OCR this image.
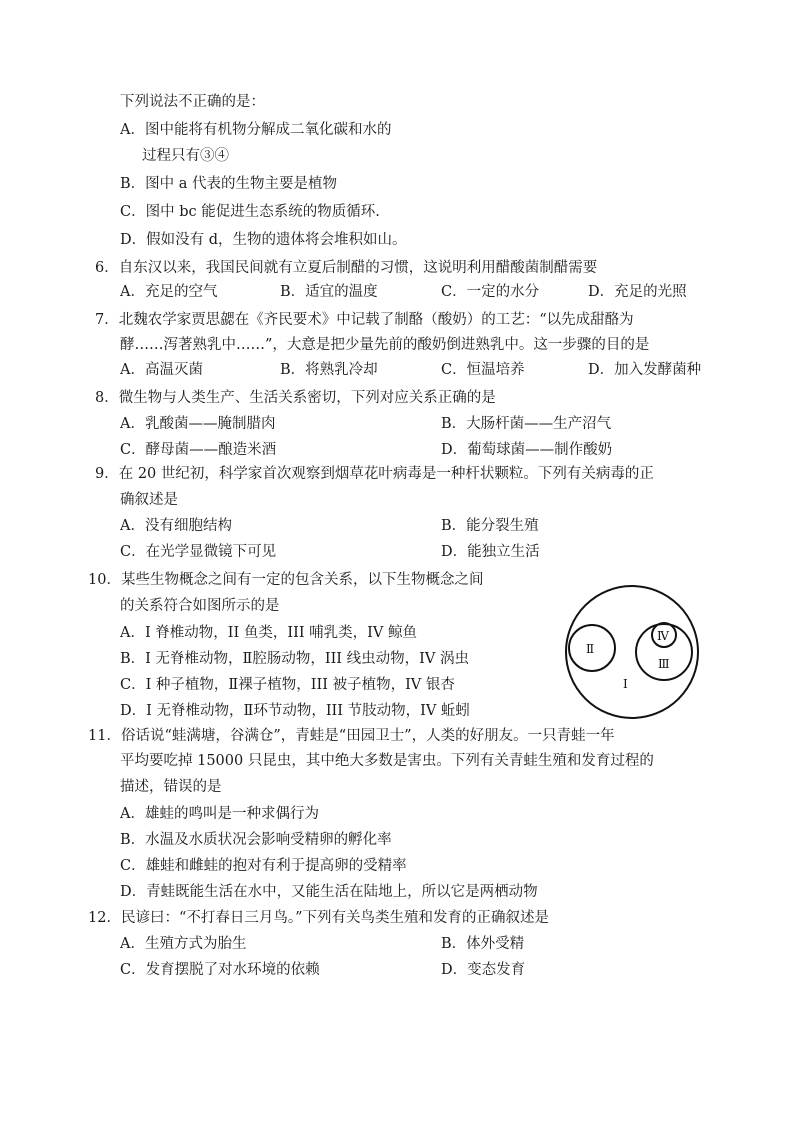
下列说法不正确的是：
A．图中能将有机物分解成二氧化碳和水的
过程只有③④
B．图中 a 代表的生物主要是植物
C．图中 bc 能促进生态系统的物质循环.
D．假如没有 d，生物的遗体将会堆积如山。
6．自东汉以来，我国民间就有立夏后制醋的习惯，这说明利用醋酸菌制醋需要
A．充足的空气	B．适宜的温度	C．一定的水分	D．充足的光照
7．北魏农学家贾思勰在《齐民要术》中记载了制酪（酸奶）的工艺：“以先成甜酪为
酵……泻著熟乳中……”，大意是把少量先前的酸奶倒进熟乳中。这一步骤的目的是
A．高温灭菌	B．将熟乳冷却	C．恒温培养	D．加入发酵菌种
8．微生物与人类生产、生活关系密切，下列对应关系正确的是
A．乳酸菌——腌制腊肉	B．大肠杆菌——生产沼气
C．酵母菌——酿造米酒	D．葡萄球菌——制作酸奶
9．在 20 世纪初，科学家首次观察到烟草花叶病毒是一种杆状颗粒。下列有关病毒的正
确叙述是
A．没有细胞结构	B．能分裂生殖
C．在光学显微镜下可见	D．能独立生活
10．某些生物概念之间有一定的包含关系，以下生物概念之间
的关系符合如图所示的是
A．I 脊椎动物，II 鱼类，III 哺乳类，IV 鲸鱼
B．I 无脊椎动物，Ⅱ腔肠动物，III 线虫动物，IV 涡虫
C．I 种子植物，Ⅱ裸子植物，III 被子植物，IV 银杏
D．I 无脊椎动物，Ⅱ环节动物，III 节肢动物，IV 蚯蚓
Ⅱ
Ⅳ
Ⅲ
I
11．俗话说“蛙满塘，谷满仓”，青蛙是“田园卫士”，人类的好朋友。一只青蛙一年
平均要吃掉 15000 只昆虫，其中绝大多数是害虫。下列有关青蛙生殖和发育过程的
描述，错误的是
A．雄蛙的鸣叫是一种求偶行为
B．水温及水质状况会影响受精卵的孵化率
C．雄蛙和雌蛙的抱对有利于提高卵的受精率
D．青蛙既能生活在水中，又能生活在陆地上，所以它是两栖动物
12．民谚曰：“不打春日三月鸟。”下列有关鸟类生殖和发育的正确叙述是
A．生殖方式为胎生	B．体外受精
C．发育摆脱了对水环境的依赖	D．变态发育
